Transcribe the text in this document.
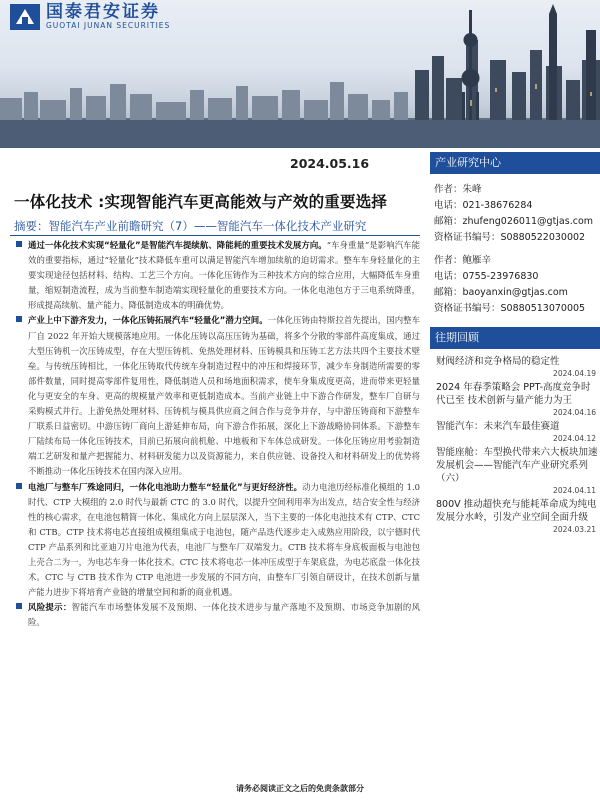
国泰君安证券
GUOTAI JUNAN SECURITIES
2024.05.16
一体化技术 :实现智能汽车更高能效与产效的重要选择
摘要：智能汽车产业前瞻研究（7）——智能汽车一体化技术产业研究

通过一体化技术实现“轻量化”是智能汽车提续航、降能耗的重要技术发展方向。“车身重量”是影响汽车能效的重要指标，通过“轻量化”技术降低车重可以满足智能汽车增加续航的迫切需求。整车车身轻量化的主要实现途径包括材料、结构、工艺三个方向。一体化压铸作为三种技术方向的综合应用，大幅降低车身重量，缩短制造流程，成为当前整车制造端实现轻量化的重要技术方向。一体化电池包方于三电系统降重，形成提高续航、量产能力、降低制造成本的明确优势。

产业上中下游齐发力，一体化压铸拓展汽车“轻量化”潜力空间。一体化压铸由特斯拉首先提出，国内整车厂自 2022 年开始大规模落地应用。一体化压铸以高压压铸为基础，将多个分散的零部件高度集成，通过大型压铸机一次压铸成型，存在大型压铸机、免热处理材料、压铸模具和压铸工艺方法共四个主要技术壁垒。与传统压铸相比，一体化压铸取代传统车身制造过程中的冲压和焊接环节，减少车身制造所需要的零部件数量，同时提高零部件复用性，降低制造人员和场地面积需求，使车身集成度更高，进而带来更轻量化与更安全的车身、更高的规模量产效率和更低制造成本。当前产业链上中下游合作研发，整车厂自研与采购模式并行。上游免热处理材料、压铸机与模具供应商之间合作与竞争并存，与中游压铸商和下游整车厂联系日益密切。中游压铸厂商向上游延伸布局，向下游合作拓展，深化上下游战略协同体系。下游整车厂陆续布局一体化压铸技术，目前已拓展向前机舱、中地板和下车体总成研发。一体化压铸应用考验制造端工艺研发和量产把握能力、材料研发能力以及资源能力，来自供应链、设备投入和材料研发上的优势将不断推动一体化压铸技术在国内深入应用。

电池厂与整车厂殊途同归，一体化电池助力整车“轻量化”与更好经济性。动力电池历经标准化模组的 1.0 时代、CTP 大模组的 2.0 时代与最新 CTC 的 3.0 时代，以提升空间利用率为出发点，结合安全性与经济性的核心需求，在电池包精简一体化、集成化方向上层层深入，当下主要的一体化电池技术有 CTP、CTC 和 CTB。CTP 技术将电芯直接组成模组集成于电池包，随产品迭代逐步走入成熟应用阶段，以宁德时代 CTP 产品系列和比亚迪刀片电池为代表，电池厂与整车厂双端发力。CTB 技术将车身底板面板与电池包上壳合二为一，为电芯车身一体化技术。CTC 技术将电芯一体冲压成型于车架底盘，为电芯底盘一体化技术。CTC 与 CTB 技术作为 CTP 电池进一步发展的不同方向，由整车厂引领自研设计，在技术创新与量产能力进步下将培育产业链的增量空间和新的商业机遇。

风险提示：智能汽车市场整体发展不及预期、一体化技术进步与量产落地不及预期、市场竞争加剧的风险。

产业研究中心
作者：朱峰
电话：021-38676284
邮箱：zhufeng026011@gtjas.com
资格证书编号：S0880522030002
作者：鲍雁辛
电话：0755-23976830
邮箱：baoyanxin@gtjas.com
资格证书编号：S0880513070005
往期回顾
财阀经济和竞争格局的稳定性
2024.04.19
2024 年春季策略会 PPT-高度竞争时代已至 技术创新与量产能力为王
2024.04.16
智能汽车：未来汽车最佳赛道
2024.04.12
智能座舱：车型换代带来六大板块加速发展机会——智能汽车产业研究系列（六）
2024.04.11
800V 推动超快充与能耗革命成为纯电发展分水岭，引发产业空间全面升级
2024.03.21
请务必阅读正文之后的免责条款部分
